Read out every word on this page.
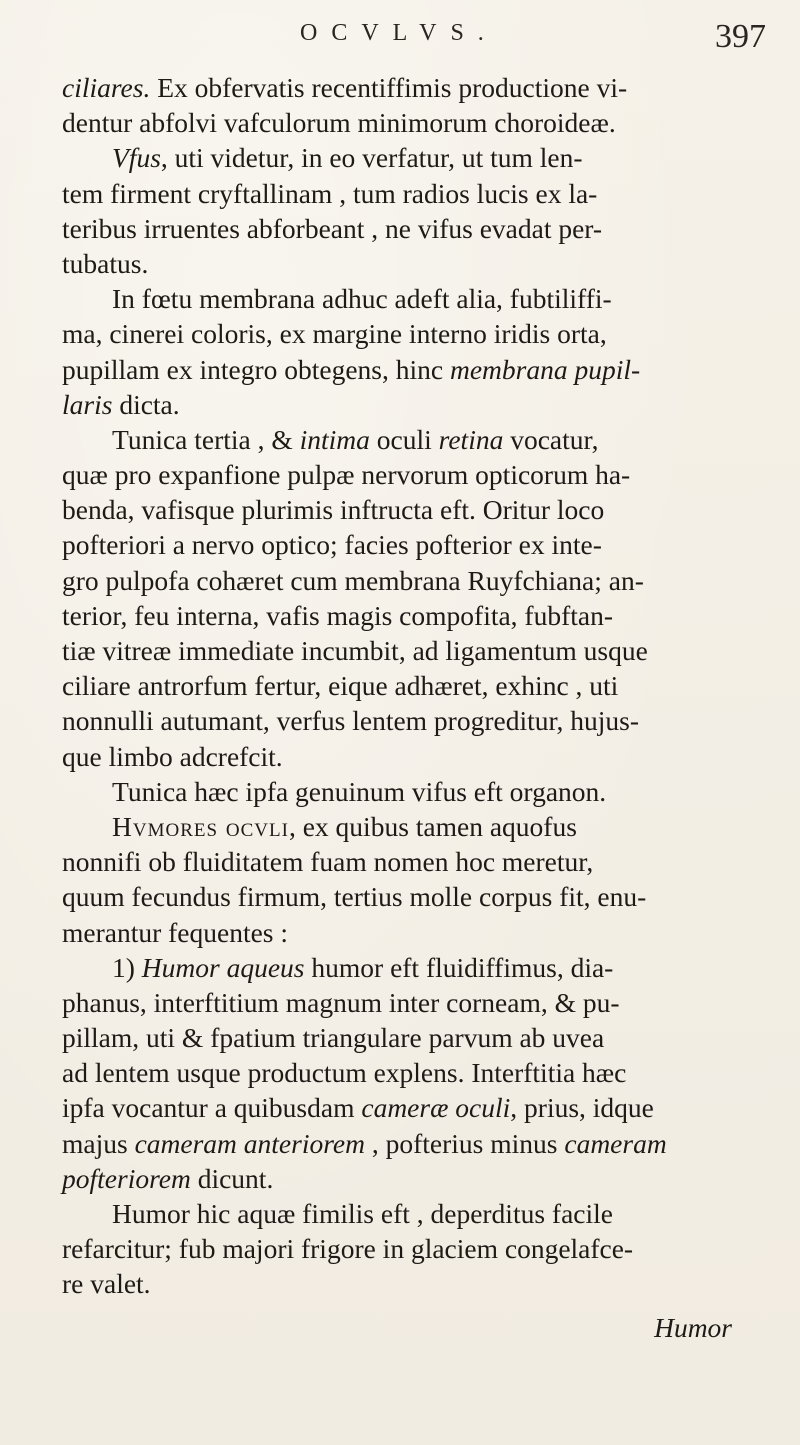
OCVLVS.	397
ciliares. Ex obfervatis recentiffimis productione vi-
dentur abfolvi vafculorum minimorum choroideæ.
Vfus, uti videtur, in eo verfatur, ut tum len-
tem firment cryftallinam , tum radios lucis ex la-
teribus irruentes abforbeant , ne vifus evadat per-
tubatus.
In fœtu membrana adhuc adeft alia, fubtiliffi-
ma, cinerei coloris, ex margine interno iridis orta,
pupillam ex integro obtegens, hinc membrana pupil-
laris dicta.
Tunica tertia , & intima oculi retina vocatur,
quæ pro expanfione pulpæ nervorum opticorum ha-
benda, vafisque plurimis inftructa eft. Oritur loco
pofteriori a nervo optico; facies pofterior ex inte-
gro pulpofa cohæret cum membrana Ruyfchiana; an-
terior, feu interna, vafis magis compofita, fubftan-
tiæ vitreæ immediate incumbit, ad ligamentum usque
ciliare antrorfum fertur, eique adhæret, exhinc , uti
nonnulli autumant, verfus lentem progreditur, hujus-
que limbo adcrefcit.
Tunica hæc ipfa genuinum vifus eft organon.
Hvmores ocvli, ex quibus tamen aquofus
nonnifi ob fluiditatem fuam nomen hoc meretur,
quum fecundus firmum, tertius molle corpus fit, enu-
merantur fequentes :
1) Humor aqueus humor eft fluidiffimus, dia-
phanus, interftitium magnum inter corneam, & pu-
pillam, uti & fpatium triangulare parvum ab uvea
ad lentem usque productum explens. Interftitia hæc
ipfa vocantur a quibusdam cameræ oculi, prius, idque
majus cameram anteriorem , pofterius minus cameram
pofteriorem dicunt.
Humor hic aquæ fimilis eft , deperditus facile
refarcitur; fub majori frigore in glaciem congelafce-
re valet.
Humor
